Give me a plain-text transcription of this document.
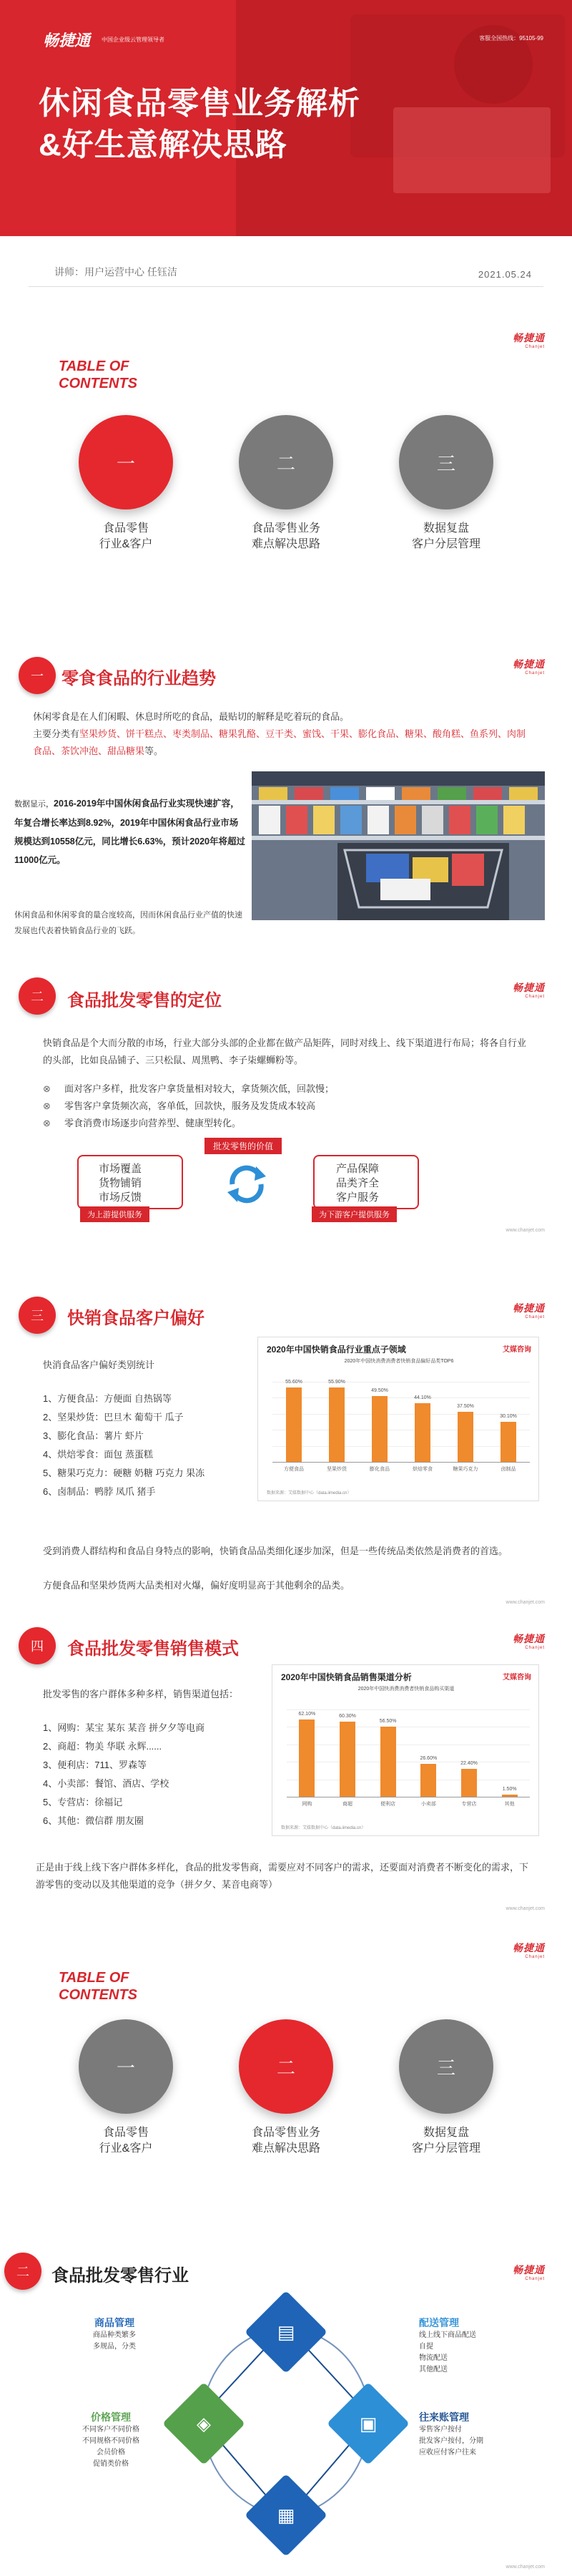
畅捷通 中国企业级云管理领导者	客服全国热线：95105-99
休闲食品零售业务解析
&好生意解决思路
讲师：用户运营中心 任钰洁	2021.05.24
畅捷通
Chanjet
TABLE OF
CONTENTS
一	二	三
食品零售
行业&客户
食品零售业务
难点解决思路
数据复盘
客户分层管理
畅捷通
Chanjet
一 零食食品的行业趋势
休闲零食是在人们闲暇、休息时所吃的食品，最贴切的解释是吃着玩的食品。
主要分类有坚果炒货、饼干糕点、枣类制品、糖果乳酪、豆干类、蜜饯、干果、膨化食品、糖果、酸角糕、鱼系列、肉制食品、茶饮冲泡、甜品糖果等。
数据显示，2016-2019年中国休闲食品行业实现快速扩容，年复合增长率达到8.92%，2019年中国休闲食品行业市场规模达到10558亿元，同比增长6.63%，预计2020年将超过11000亿元。
休闲食品和休闲零食的量合度较高，因而休闲食品行业产值的快速发展也代表着快销食品行业的飞跃。
畅捷通
Chanjet
二 食品批发零售的定位
快销食品是个大而分散的市场，行业大部分头部的企业都在做产品矩阵，同时对线上、线下渠道进行布局；将各自行业的头部，比如良品铺子、三只松鼠、周黑鸭、李子柒螺蛳粉等。
⊗	面对客户多样，批发客户拿货量相对较大，拿货频次低，回款慢；
⊗	零售客户拿货频次高，客单低，回款快，服务及发货成本较高
⊗	零食消费市场逐步向营养型、健康型转化。
批发零售的价值
市场覆盖
货物铺销
市场反馈
为上游提供服务
产品保障
品类齐全
客户服务
为下游客户提供服务
www.chanjet.com
畅捷通
Chanjet
三 快销食品客户偏好
快消食品客户偏好类别统计
1、方便食品：方便面 自热锅等
2、坚果炒货：巴旦木 葡萄干 瓜子
3、膨化食品：薯片 虾片
4、烘焙零食：面包 蒸蛋糕
5、糖果巧克力：硬糖 奶糖 巧克力 果冻
6、卤制品：鸭脖 凤爪 猪手
2020年中国快销食品行业重点子领域	艾媒咨询
2020年中国快消费消费者快销食品偏好品类TOP6
55.60%
方便食品
55.90%
坚果炒货
49.50%
膨化食品
44.10%
烘焙零食
37.50%
糖果巧克力
30.10%
卤制品
数据来源：艾媒数据中心（data.iimedia.cn）
受到消费人群结构和食品自身特点的影响，快销食品品类细化逐步加深，但是一些传统品类依然是消费者的首选。
方便食品和坚果炒货两大品类相对火爆，偏好度明显高于其他剩余的品类。
www.chanjet.com
畅捷通
Chanjet
四 食品批发零售销售模式
批发零售的客户群体多种多样，销售渠道包括：
1、网购：某宝 某东 某音 拼夕夕等电商
2、商超：物美 华联 永辉......
3、便利店：711、罗森等
4、小卖部：餐馆、酒店、学校
5、专营店：徐福记
6、其他：微信群 朋友圈
2020年中国快销食品销售渠道分析	艾媒咨询
2020年中国快消费消费者快销食品购买渠道
62.10%
网购
60.30%
商超
56.50%
便利店
26.60%
小卖部
22.40%
专营店
1.50%
其他
数据来源：艾媒数据中心（data.iimedia.cn）
正是由于线上线下客户群体多样化，食品的批发零售商，需要应对不同客户的需求，还要面对消费者不断变化的需求，下游零售的变动以及其他渠道的竞争（拼夕夕、某音电商等）
www.chanjet.com
畅捷通
Chanjet
TABLE OF
CONTENTS
一	二	三
食品零售
行业&客户
食品零售业务
难点解决思路
数据复盘
客户分层管理
畅捷通
Chanjet
二 食品批发零售行业
▤
◈	▣
▦
商品管理
商品种类繁多
多规品，分类
价格管理
不同客户不同价格
不同规格不同价格
会员价格
促销类价格
配送管理
线上线下商品配送
自提
物流配送
其他配送
往来账管理
零售客户按付
批发客户按付，分期
应收应付客户往来
www.chanjet.com
